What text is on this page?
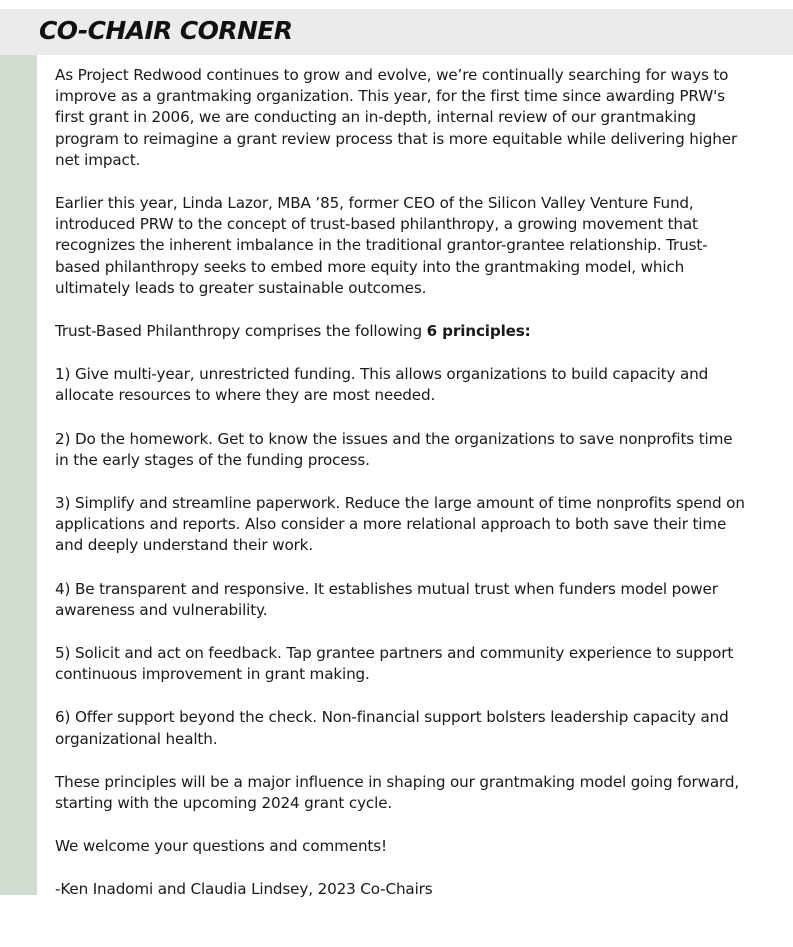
CO-CHAIR CORNER

As Project Redwood continues to grow and evolve, we’re continually searching for ways to improve as a grantmaking organization. This year, for the first time since awarding PRW's first grant in 2006, we are conducting an in-depth, internal review of our grantmaking program to reimagine a grant review process that is more equitable while delivering higher net impact.

Earlier this year, Linda Lazor, MBA ’85, former CEO of the Silicon Valley Venture Fund, introduced PRW to the concept of trust-based philanthropy, a growing movement that recognizes the inherent imbalance in the traditional grantor-grantee relationship. Trust-based philanthropy seeks to embed more equity into the grantmaking model, which ultimately leads to greater sustainable outcomes.

Trust-Based Philanthropy comprises the following 6 principles:

1) Give multi-year, unrestricted funding. This allows organizations to build capacity and allocate resources to where they are most needed.

2) Do the homework. Get to know the issues and the organizations to save nonprofits time in the early stages of the funding process.

3) Simplify and streamline paperwork. Reduce the large amount of time nonprofits spend on applications and reports. Also consider a more relational approach to both save their time and deeply understand their work.

4) Be transparent and responsive. It establishes mutual trust when funders model power awareness and vulnerability.

5) Solicit and act on feedback. Tap grantee partners and community experience to support continuous improvement in grant making.

6) Offer support beyond the check. Non-financial support bolsters leadership capacity and organizational health.

These principles will be a major influence in shaping our grantmaking model going forward, starting with the upcoming 2024 grant cycle.

We welcome your questions and comments!

-Ken Inadomi and Claudia Lindsey, 2023 Co-Chairs
